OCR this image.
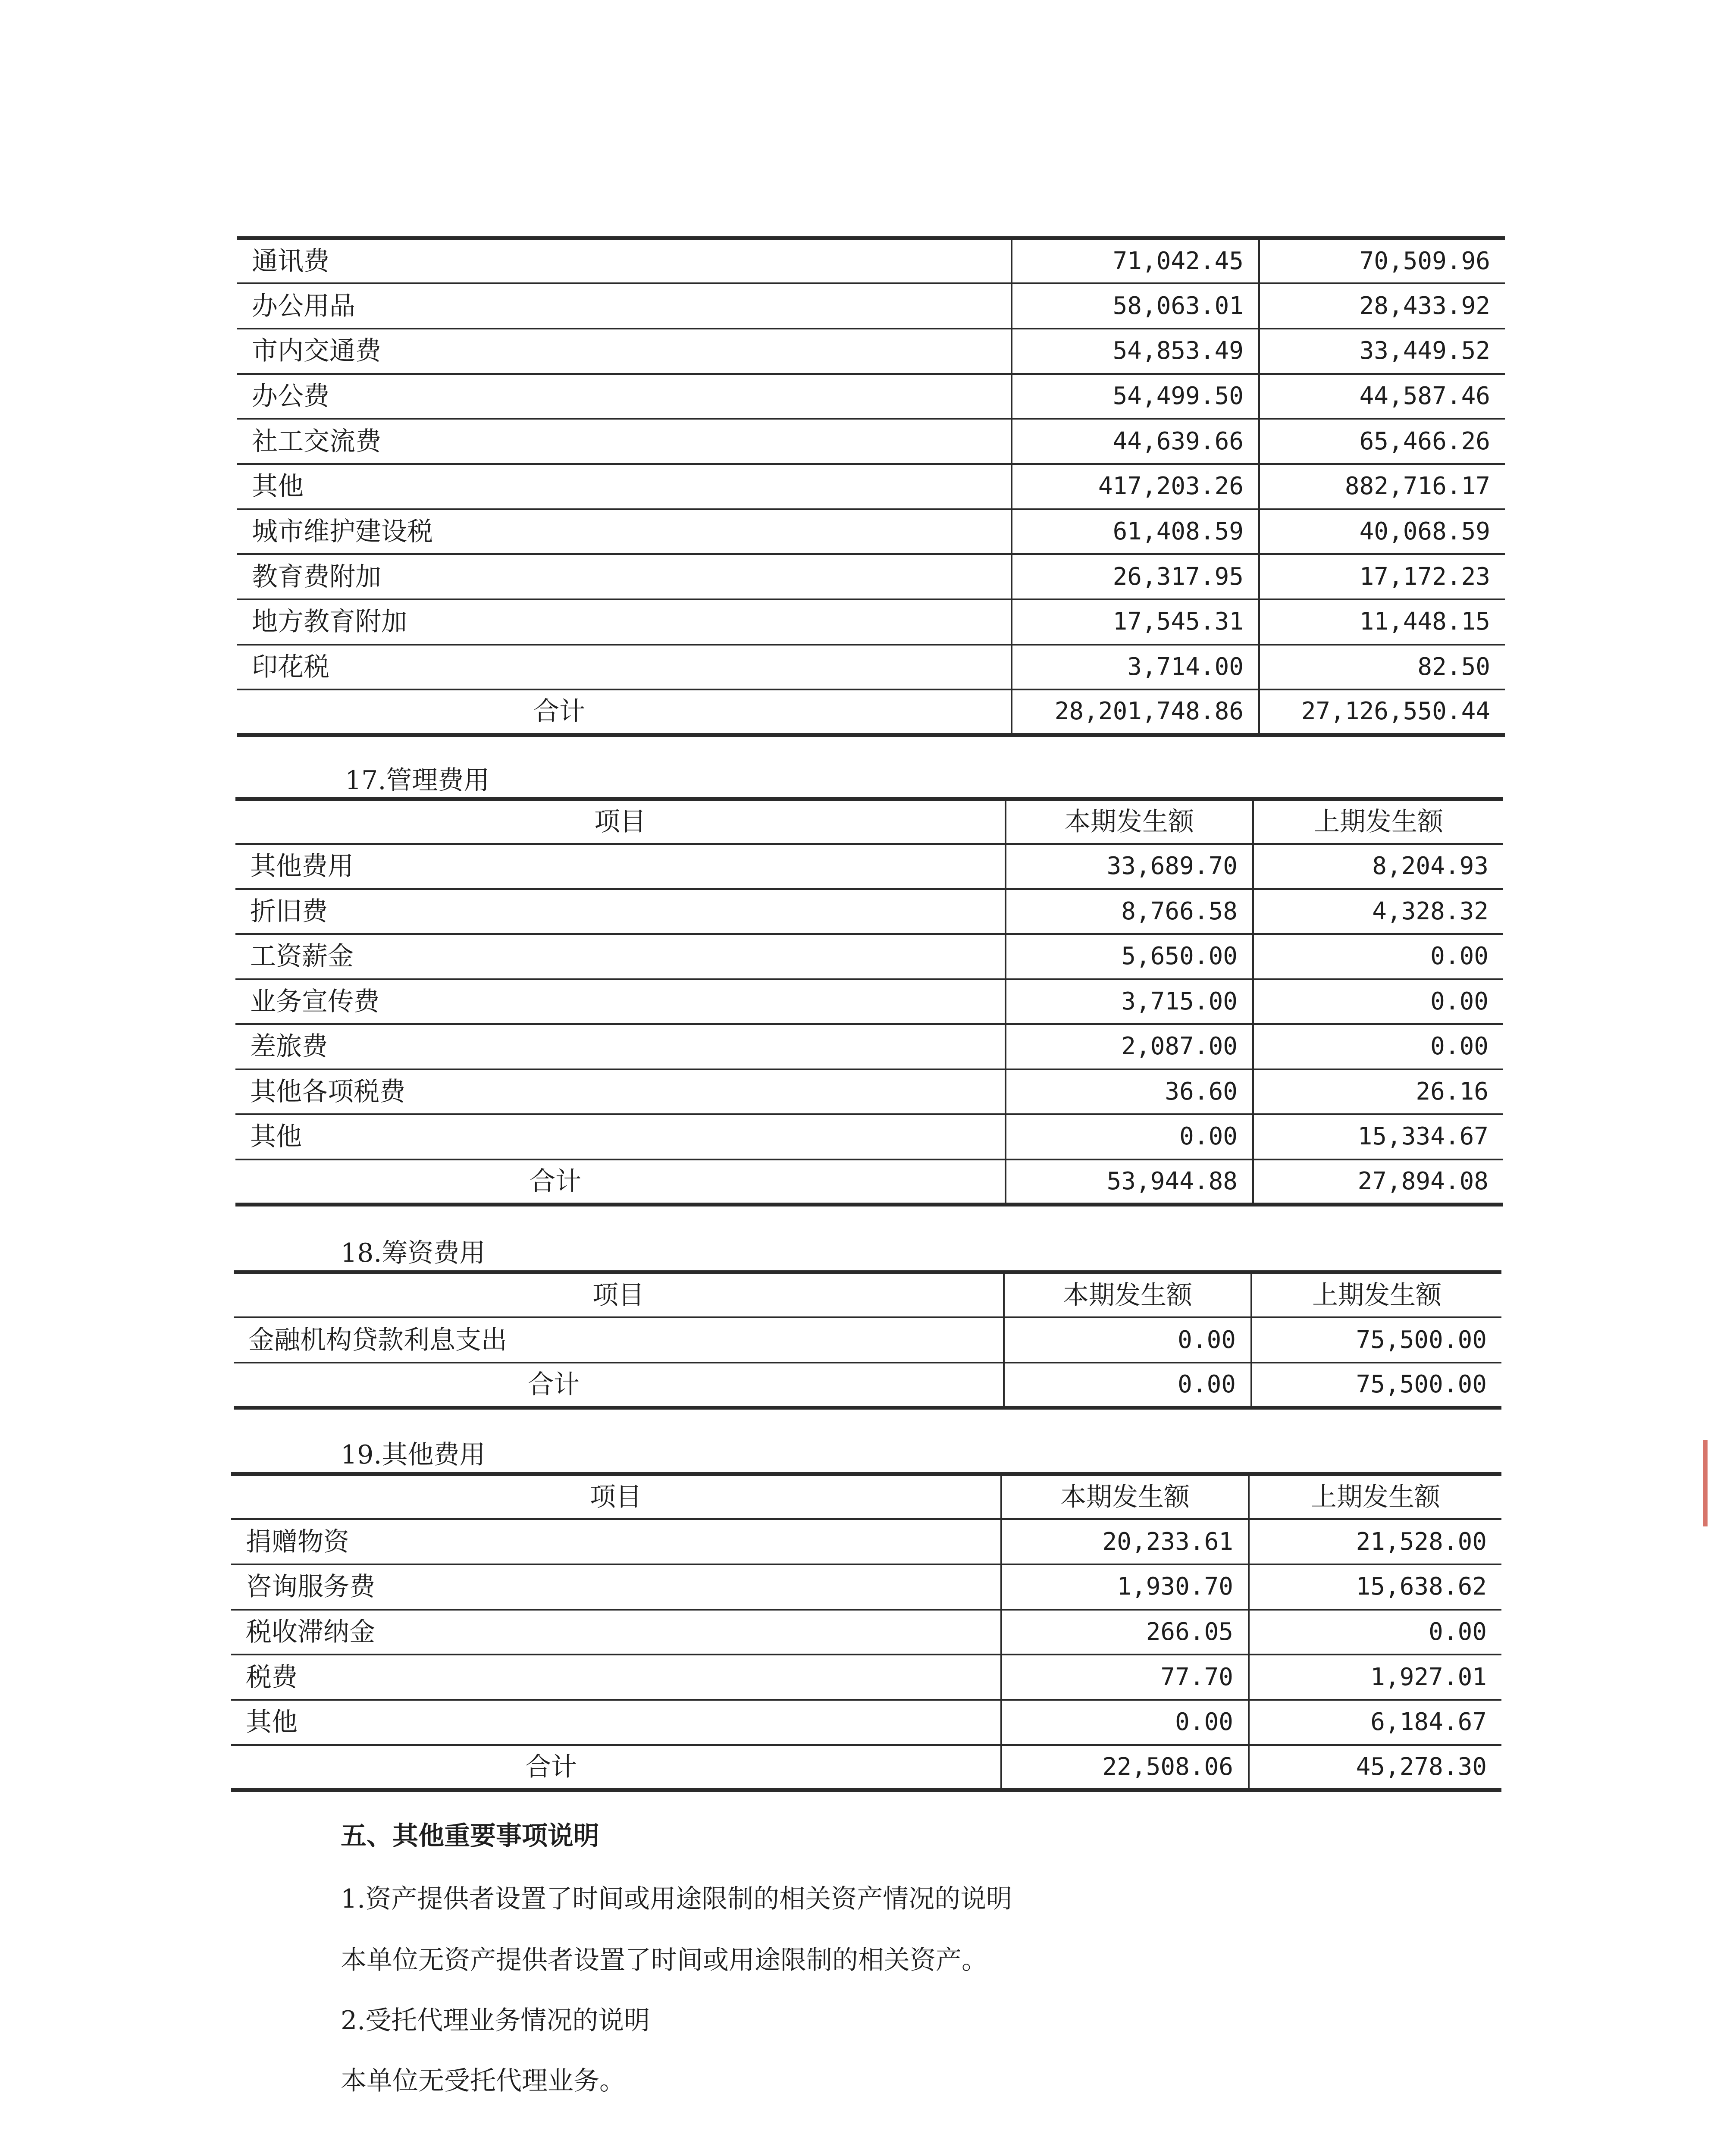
通讯费	71,042.45	70,509.96
办公用品	58,063.01	28,433.92
市内交通费	54,853.49	33,449.52
办公费	54,499.50	44,587.46
社工交流费	44,639.66	65,466.26
其他	417,203.26	882,716.17
城市维护建设税	61,408.59	40,068.59
教育费附加	26,317.95	17,172.23
地方教育附加	17,545.31	11,448.15
印花税	3,714.00	82.50
合计	28,201,748.86	27,126,550.44
17.管理费用
项目	本期发生额	上期发生额
其他费用	33,689.70	8,204.93
折旧费	8,766.58	4,328.32
工资薪金	5,650.00	0.00
业务宣传费	3,715.00	0.00
差旅费	2,087.00	0.00
其他各项税费	36.60	26.16
其他	0.00	15,334.67
合计	53,944.88	27,894.08
18.筹资费用
项目	本期发生额	上期发生额
金融机构贷款利息支出	0.00	75,500.00
合计	0.00	75,500.00
19.其他费用
项目	本期发生额	上期发生额
捐赠物资	20,233.61	21,528.00
咨询服务费	1,930.70	15,638.62
税收滞纳金	266.05	0.00
税费	77.70	1,927.01
其他	0.00	6,184.67
合计	22,508.06	45,278.30
五、其他重要事项说明
1.资产提供者设置了时间或用途限制的相关资产情况的说明
本单位无资产提供者设置了时间或用途限制的相关资产。
2.受托代理业务情况的说明
本单位无受托代理业务。
